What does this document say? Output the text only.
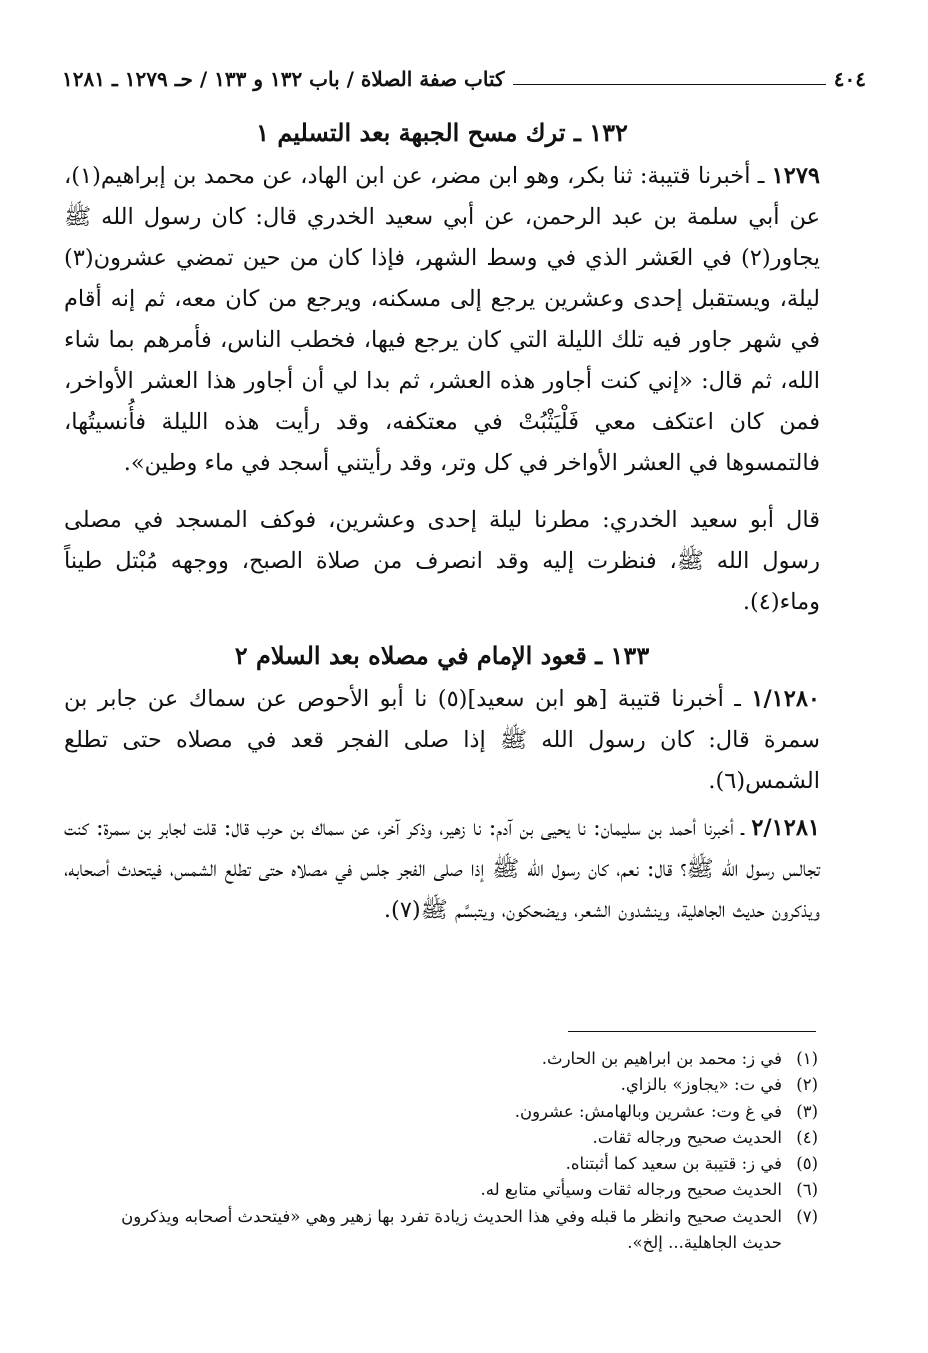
٤٠٤
كتاب صفة الصلاة / باب ١٣٢ و ١٣٣ / حـ ١٢٧٩ ـ ١٢٨١
١٣٢ ـ ترك مسح الجبهة بعد التسليم ١

١٢٧٩ ـ أخبرنا قتيبة: ثنا بكر، وهو ابن مضر، عن ابن الهاد، عن محمد بن إبراهيم(١)، عن أبي سلمة بن عبد الرحمن، عن أبي سعيد الخدري قال: كان رسول الله ﷺ يجاور(٢) في العَشر الذي في وسط الشهر، فإذا كان من حين تمضي عشرون(٣) ليلة، ويستقبل إحدى وعشرين يرجع إلى مسكنه، ويرجع من كان معه، ثم إنه أقام في شهر جاور فيه تلك الليلة التي كان يرجع فيها، فخطب الناس، فأمرهم بما شاء الله، ثم قال: «إني كنت أجاور هذه العشر، ثم بدا لي أن أجاور هذا العشر الأواخر، فمن كان اعتكف معي فَلْيَثْبُتْ في معتكفه، وقد رأيت هذه الليلة فأُنسيتُها، فالتمسوها في العشر الأواخر في كل وتر، وقد رأيتني أسجد في ماء وطين».

قال أبو سعيد الخدري: مطرنا ليلة إحدى وعشرين، فوكف المسجد في مصلى رسول الله ﷺ، فنظرت إليه وقد انصرف من صلاة الصبح، ووجهه مُبْتل طيناً وماء(٤).

١٣٣ ـ قعود الإمام في مصلاه بعد السلام ٢

١/١٢٨٠ ـ أخبرنا قتيبة [هو ابن سعيد](٥) نا أبو الأحوص عن سماك عن جابر بن سمرة قال: كان رسول الله ﷺ إذا صلى الفجر قعد في مصلاه حتى تطلع الشمس(٦).

٢/١٢٨١ ـ أخبرنا أحمد بن سليمان: نا يحيى بن آدم: نا زهير، وذكر آخر، عن سماك بن حرب قال: قلت لجابر بن سمرة: كنت تجالس رسول الله ﷺ؟ قال: نعم، كان رسول الله ﷺ إذا صلى الفجر جلس في مصلاه حتى تطلع الشمس، فيتحدث أصحابه، ويذكرون حديث الجاهلية، وينشدون الشعر، ويضحكون، ويتبسَّم ﷺ(٧).

(١)
في ز: محمد بن ابراهيم بن الحارث.
(٢)
في ت: «يجاوز» بالزاي.
(٣)
في غ وت: عشرين وبالهامش: عشرون.
(٤)
الحديث صحيح ورجاله ثقات.
(٥)
في ز: قتيبة بن سعيد كما أثبتناه.
(٦)
الحديث صحيح ورجاله ثقات وسيأتي متابع له.
(٧)
الحديث صحيح وانظر ما قبله وفي هذا الحديث زيادة تفرد بها زهير وهي «فيتحدث أصحابه ويذكرون
حديث الجاهلية... إلخ».
